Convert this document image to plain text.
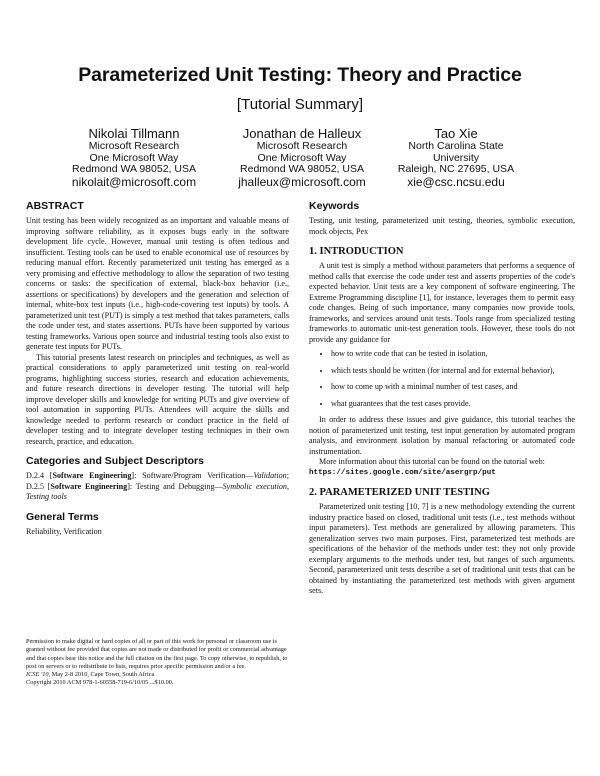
Parameterized Unit Testing: Theory and Practice
[Tutorial Summary]
Nikolai Tillmann
Microsoft Research
One Microsoft Way
Redmond WA 98052, USA
nikolait@microsoft.com
Jonathan de Halleux
Microsoft Research
One Microsoft Way
Redmond WA 98052, USA
jhalleux@microsoft.com
Tao Xie
North Carolina State
University
Raleigh, NC 27695, USA
xie@csc.ncsu.edu
ABSTRACT

Unit testing has been widely recognized as an important and valuable means of improving software reliability, as it exposes bugs early in the software development life cycle. However, manual unit testing is often tedious and insufficient. Testing tools can be used to enable economical use of resources by reducing manual effort. Recently parameterized unit testing has emerged as a very promising and effective methodology to allow the separation of two testing concerns or tasks: the specification of external, black-box behavior (i.e., assertions or specifications) by developers and the generation and selection of internal, white-box test inputs (i.e., high-code-covering test inputs) by tools. A parameterized unit test (PUT) is simply a test method that takes parameters, calls the code under test, and states assertions. PUTs have been supported by various testing frameworks. Various open source and industrial testing tools also exist to generate test inputs for PUTs.

This tutorial presents latest research on principles and techniques, as well as practical considerations to apply parameterized unit testing on real-world programs, highlighting success stories, research and education achievements, and future research directions in developer testing. The tutorial will help improve developer skills and knowledge for writing PUTs and give overview of tool automation in supporting PUTs. Attendees will acquire the skills and knowledge needed to perform research or conduct practice in the field of developer testing and to integrate developer testing techniques in their own research, practice, and education.

Categories and Subject Descriptors

D.2.4 [Software Engineering]: Software/Program Verification—Validation; D.2.5 [Software Engineering]: Testing and Debugging—Symbolic execution, Testing tools

General Terms

Reliability, Verification

Permission to make digital or hard copies of all or part of this work for personal or classroom use is granted without fee provided that copies are not made or distributed for profit or commercial advantage and that copies bear this notice and the full citation on the first page. To copy otherwise, to republish, to post on servers or to redistribute to lists, requires prior specific permission and/or a fee.
ICSE '10, May 2-8 2010, Cape Town, South Africa
Copyright 2010 ACM 978-1-60558-719-6/10/05 ...$10.00.
Keywords

Testing, unit testing, parameterized unit testing, theories, symbolic execution, mock objects, Pex

1. INTRODUCTION

A unit test is simply a method without parameters that performs a sequence of method calls that exercise the code under test and asserts properties of the code's expected behavior. Unit tests are a key component of software engineering. The Extreme Programming discipline [1], for instance, leverages them to permit easy code changes. Being of such importance, many companies now provide tools, frameworks, and services around unit tests. Tools range from specialized testing frameworks to automatic unit-test generation tools. However, these tools do not provide any guidance for

• how to write code that can be tested in isolation,
• which tests should be written (for internal and for external behavior),
• how to come up with a minimal number of test cases, and
• what guarantees that the test cases provide.

In order to address these issues and give guidance, this tutorial teaches the notion of parameterized unit testing, test input generation by automated program analysis, and environment isolation by manual refactoring or automated code instrumentation.

More information about this tutorial can be found on the tutorial web:

https://sites.google.com/site/asergrp/put
2. PARAMETERIZED UNIT TESTING

Parameterized unit testing [10, 7] is a new methodology extending the current industry practice based on closed, traditional unit tests (i.e., test methods without input parameters). Test methods are generalized by allowing parameters. This generalization serves two main purposes. First, parameterized test methods are specifications of the behavior of the methods under test: they not only provide exemplary arguments to the methods under test, but ranges of such arguments. Second, parameterized unit tests describe a set of traditional unit tests that can be obtained by instantiating the parameterized test methods with given argument sets.
